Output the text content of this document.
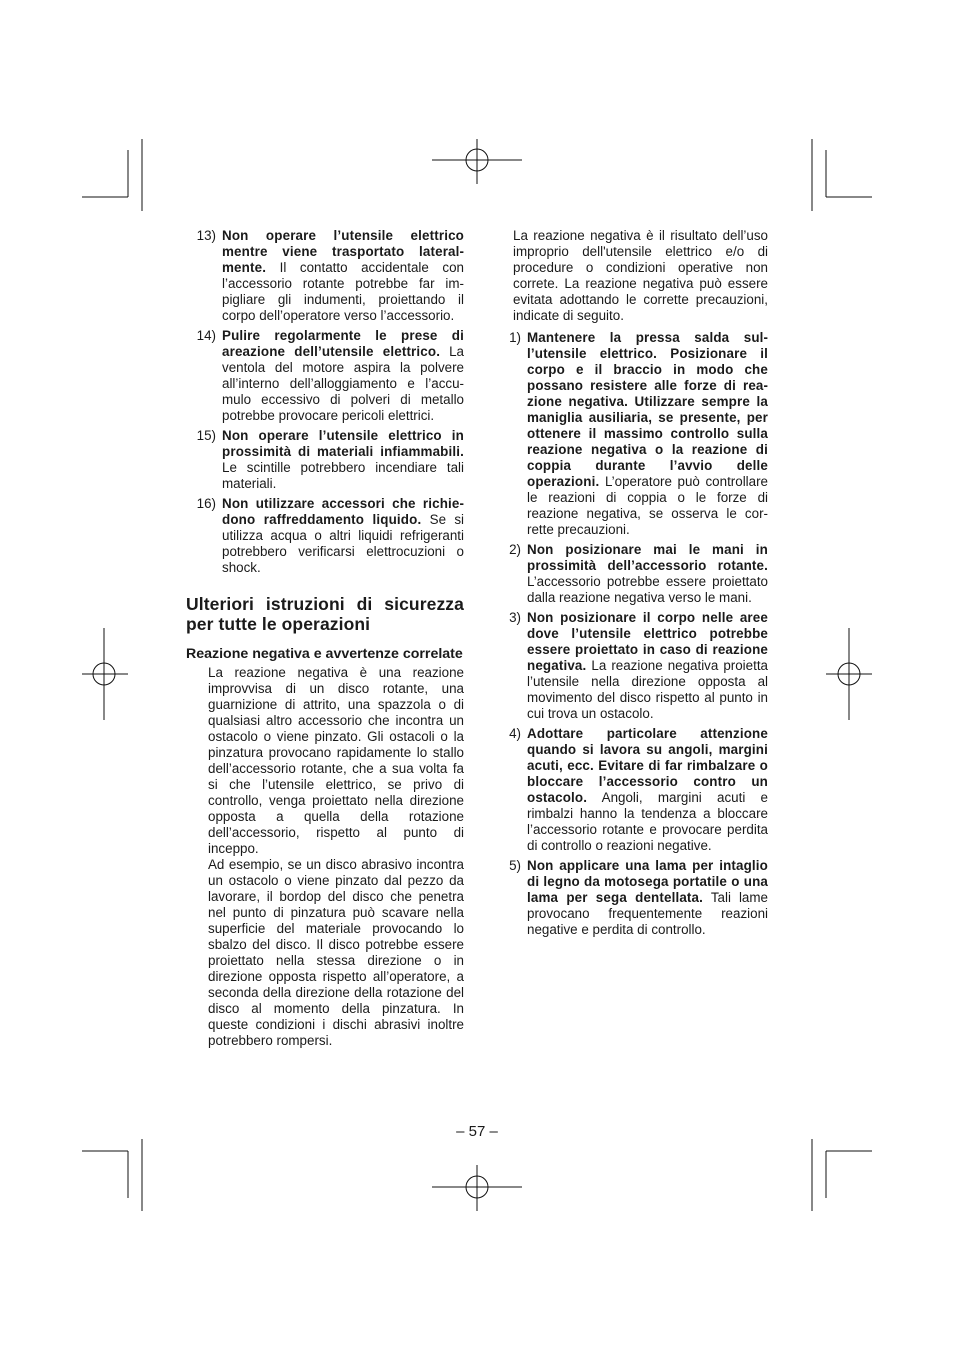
13) Non operare l’utensile elettrico mentre viene trasportato lateralmente. Il contatto accidentale con l’accessorio rotante potrebbe far impigliare gli indumenti, proiettando il corpo dell’operatore verso l’accessorio.
14) Pulire regolarmente le prese di areazione dell’utensile elettrico. La ventola del motore aspira la polvere all’interno dell’alloggiamento e l’accumulo eccessivo di polveri di metallo potrebbe provocare pericoli elettrici.
15) Non operare l’utensile elettrico in prossimità di materiali infiammabili. Le scintille potrebbero incendiare tali materiali.
16) Non utilizzare accessori che richiedono raffreddamento liquido. Se si utilizza acqua o altri liquidi refrigeranti potrebbero verificarsi elettrocuzioni o shock.
Ulteriori istruzioni di sicurezza per tutte le operazioni
Reazione negativa e avvertenze correlate

La reazione negativa è una reazione improvvisa di un disco rotante, una guarnizione di attrito, una spazzola o di qualsiasi altro accessorio che incontra un ostacolo o viene pinzato. Gli ostacoli o la pinzatura provocano rapidamente lo stallo dell’accessorio rotante, che a sua volta fa si che l’utensile elettrico, se privo di controllo, venga proiettato nella direzione opposta a quella della rotazione dell’accessorio, rispetto al punto di inceppo.

Ad esempio, se un disco abrasivo incontra un ostacolo o viene pinzato dal pezzo da lavorare, il bordop del disco che penetra nel punto di pinzatura può scavare nella superficie del materiale provocando lo sbalzo del disco. Il disco potrebbe essere proiettato nella stessa direzione o in direzione opposta rispetto all’operatore, a seconda della direzione della rotazione del disco al momento della pinzatura. In queste condizioni i dischi abrasivi inoltre potrebbero rompersi.

La reazione negativa è il risultato dell’uso improprio dell'utensile elettrico e/o di procedure o condizioni operative non correte. La reazione negativa può essere evitata adottando le corrette precauzioni, indicate di seguito.

1) Mantenere la pressa salda sull’utensile elettrico. Posizionare il corpo e il braccio in modo che possano resistere alle forze di reazione negativa. Utilizzare sempre la maniglia ausiliaria, se presente, per ottenere il massimo controllo sulla reazione negativa o la reazione di coppia durante l’avvio delle operazioni. L’operatore può controllare le reazioni di coppia o le forze di reazione negativa, se osserva le corrette precauzioni.
2) Non posizionare mai le mani in prossimità dell’accessorio rotante. L’accessorio potrebbe essere proiettato dalla reazione negativa verso le mani.
3) Non posizionare il corpo nelle aree dove l’utensile elettrico potrebbe essere proiettato in caso di reazione negativa. La reazione negativa proietta l’utensile nella direzione opposta al movimento del disco rispetto al punto in cui trova un ostacolo.
4) Adottare particolare attenzione quando si lavora su angoli, margini acuti, ecc. Evitare di far rimbalzare o bloccare l’accessorio contro un ostacolo. Angoli, margini acuti e rimbalzi hanno la tendenza a bloccare l’accessorio rotante e provocare perdita di controllo o reazioni negative.
5) Non applicare una lama per intaglio di legno da motosega portatile o una lama per sega dentellata. Tali lame provocano frequentemente reazioni negative e perdita di controllo.
– 57 –
